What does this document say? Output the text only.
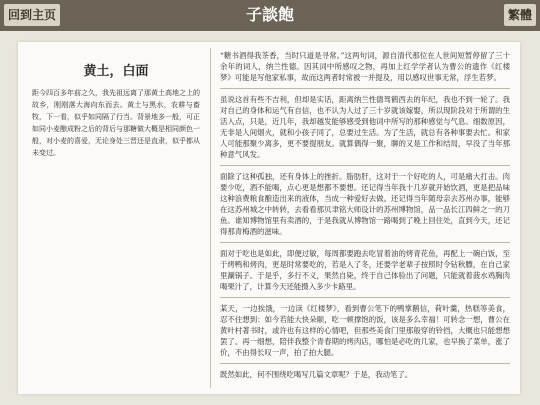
回到主页	子談飽	繁體
黄土，白面

距今四百多年前之久，我先祖远离了那黄土高地之上的故乡，刚刚落大海向东而去。黄土与黑水，农耕与畜牧，下一看，似乎如同隔了行当。背景地多一般，可正如同小麦酿成粉之后的背后与那糖做大概是相同颜色一般，对小麦的喜爱，无论身处三晋还是直隶，似乎都从未变过。

“糖书酒得我茶香，当时只道是寻常。”这两句词，源自清代那位在人世间短暂停留了三十余年的词人，纳兰性德。因其词中所感叹之物，再加上红学学者认为曹公的遗作《红楼梦》可能是写他家私事，故而这两者时常被一并提及，用以感叹世事无常，浮生若梦。

虽说这首有些不吉利，但却是实话，距离纳兰性德驾鹤西去的年纪，我也不到一轮了。我对自己的身体和运气有自信，也不认为人过了三十岁就该嫁娶，所以现阶段对于所谓的生活入点，只是，近几年，我却越发能够感受到他词中所写的那种感觉与气息。细数原因，无非是人间烟火，就和小孩子同了，总要过生活。为了生活，就总有各种事要去忙。和家人可能那聚少离多，更不要提朋友。就算偶得一聚，聊的又是工作和结局，早没了当年那种意气风发。

面除了这种孤独，还有身体上的挫折。脂肪肝，这对于一个好吃的人，可是痛大打击。肉要少吃，酒不能喝，点心更是想都不要想。还记得当年我十几岁就开始饮酒，更是把品味这种浪费粮食酿造出来的液体，当成一种爱好去做。还记得当年随母亲去苏州办事，能够在这苏州城之中转转，去看看那贝聿铭大师设计的苏州博物馆，品一品长江四鲜之一的刀鱼。谁知博物馆里有卖酒的，于是我就从博物馆一路喝到了晚上回住处，直到今天，还记得那青梅酒的滋味。

面对于吃也是如此，即便过敏，每周都要跑去吃冒着油的烤青花鱼，再配上一碗白饭，至于烤鸭和烤肉，更是时常要吃的，若是入了冬，还要学老辈子按照时令钻秋膘，在自己家里涮锅子。于是乎，多行不义，果然自毙，终于自己体验出了问题，只能就着菠水鸡胸肉喝果汁了，计算今天还能摄入多少卡路里。

某天，一边挨饿，一边读《红楼梦》，看到曹公笔下的鸭掌鹅信，荷叶羹，热糕等美食，忍不住想到：如今若能大快朵颐，吃一顿撑饱的饭，该是多么幸福！可转念一想，曹公在黄叶村著书时，或许也有这样的心情吧，但那些美食门里那般穿的铃铛，大概也只能想想罢了。再一细想，陪伴我整个青春期的烤肉店，哪怕是必吃的几家，也早换了菜单，涨了价，不由得长叹一声，拍了拍大腿。

既然如此，何不围绕吃喝写几篇文章呢？于是，我动笔了。
